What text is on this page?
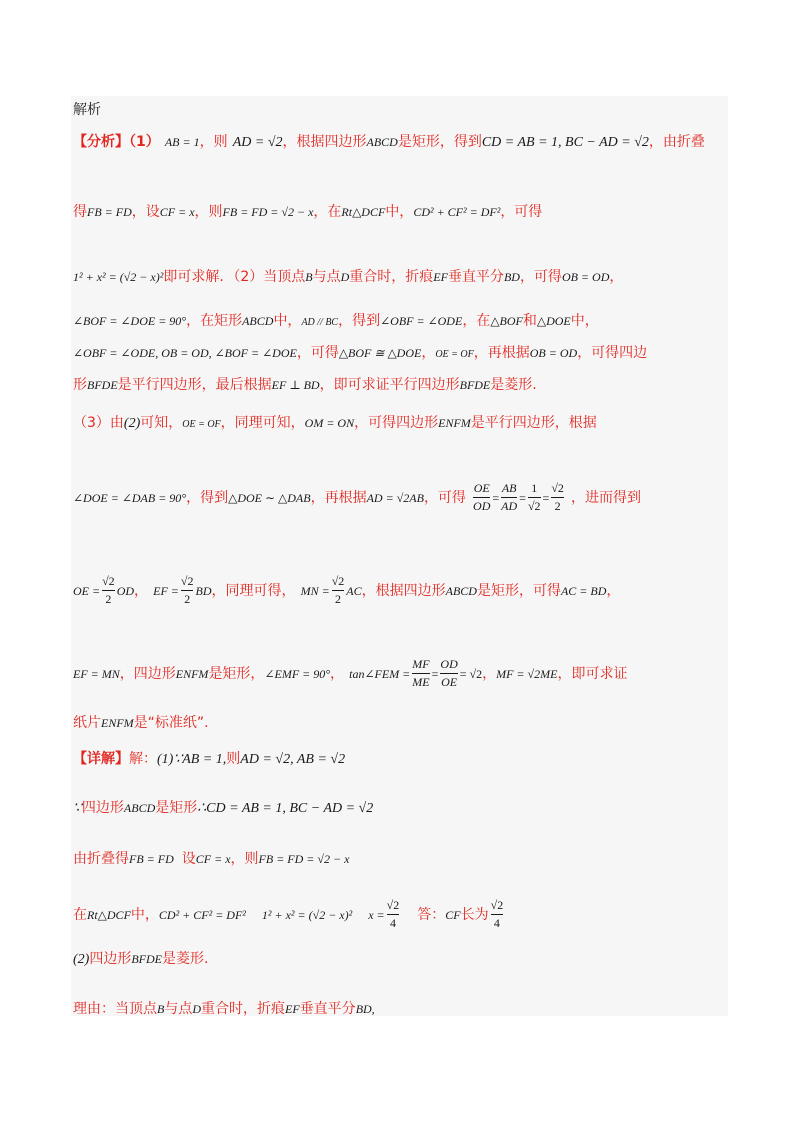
解析
【分析】（1） AB = 1，则 AD = √2，根据四边形ABCD是矩形，得到CD = AB = 1, BC − AD = √2，由折叠
得FB = FD，设CF = x，则FB = FD = √2 − x，在Rt△DCF中，CD² + CF² = DF²，可得
1² + x² = (√2 − x)²即可求解．（2）当顶点B与点D重合时，折痕EF垂直平分BD，可得OB = OD，
∠BOF = ∠DOE = 90°，在矩形ABCD中，AD // BC，得到∠OBF = ∠ODE，在△BOF和△DOE中，
∠OBF = ∠ODE, OB = OD, ∠BOF = ∠DOE，可得△BOF ≅ △DOE，OE = OF，再根据OB = OD，可得四边
形BFDE是平行四边形，最后根据EF ⊥ BD，即可求证平行四边形BFDE是菱形.
（3）由(2)可知，OE = OF，同理可知，OM = ON，可得四边形ENFM是平行四边形，根据
∠DOE = ∠DAB = 90°，得到△DOE ∼ △DAB，再根据AD = √2AB，可得 $\frac{OE}{OD} = \frac{AB}{AD} = \frac{1}{√2} = \frac{√2}{2}$ ，进而得到
OE = $\frac{√2}{2}$ OD， EF = $\frac{√2}{2}$ BD，同理可得， MN = $\frac{√2}{2}$ AC，根据四边形ABCD是矩形，可得AC = BD，
EF = MN，四边形ENFM是矩形，∠EMF = 90°， tan∠FEM = $\frac{MF}{ME} = \frac{OD}{OE} = √2$，MF = √2ME，即可求证
纸片ENFM是“标准纸”.
【详解】解：(1)∵AB = 1,则AD = √2, AB = √2
∵四边形ABCD是矩形∴CD = AB = 1, BC − AD = √2
由折叠得FB = FD 设CF = x，则FB = FD = √2 − x
在Rt△DCF中，CD² + CF² = DF² 1² + x² = (√2 − x)² $x = \frac{√2}{4}$ 答：CF长为 $\frac{√2}{4}$
(2)四边形BFDE是菱形.
理由：当顶点B与点D重合时，折痕EF垂直平分BD,
